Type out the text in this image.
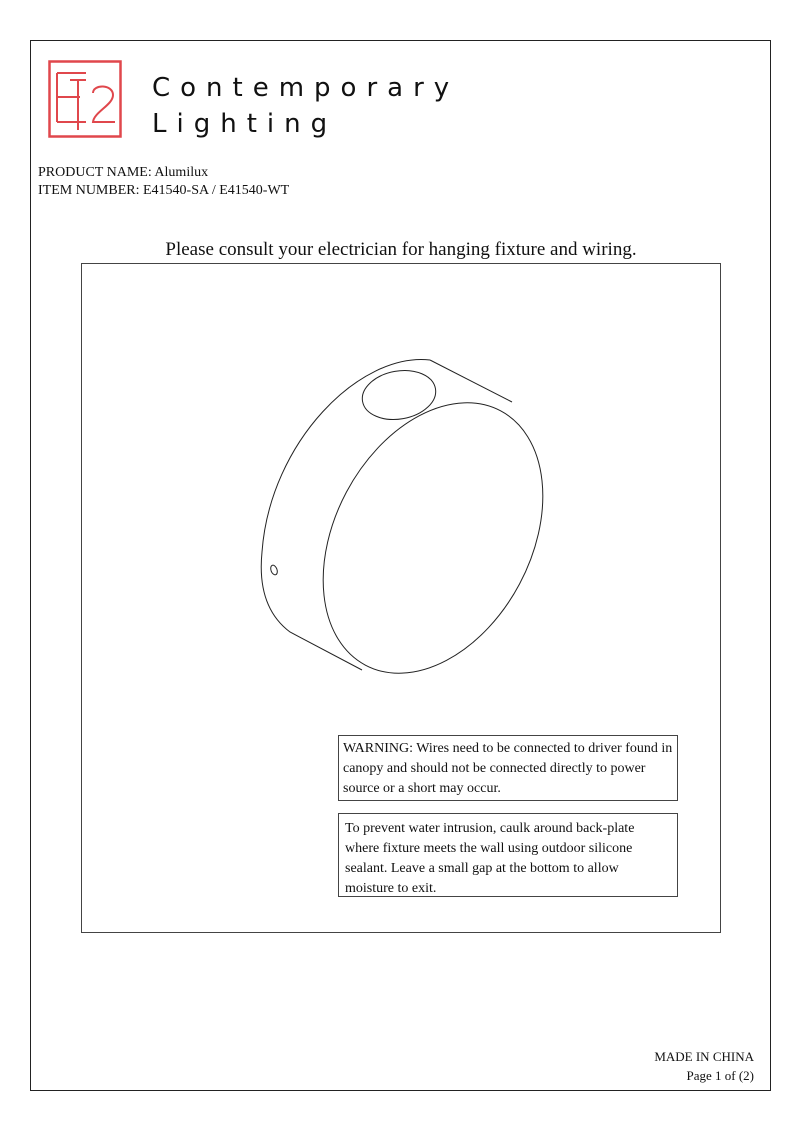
Contemporary
Lighting
PRODUCT NAME: Alumilux
ITEM NUMBER: E41540-SA / E41540-WT
Please consult your electrician for hanging fixture and wiring.
WARNING: Wires need to be connected to driver found in canopy and should not be connected directly to power source or a short may occur.
To prevent water intrusion, caulk around back-plate where fixture meets the wall using outdoor silicone sealant. Leave a small gap at the bottom to allow moisture to exit.
MADE IN CHINA
Page 1 of (2)
